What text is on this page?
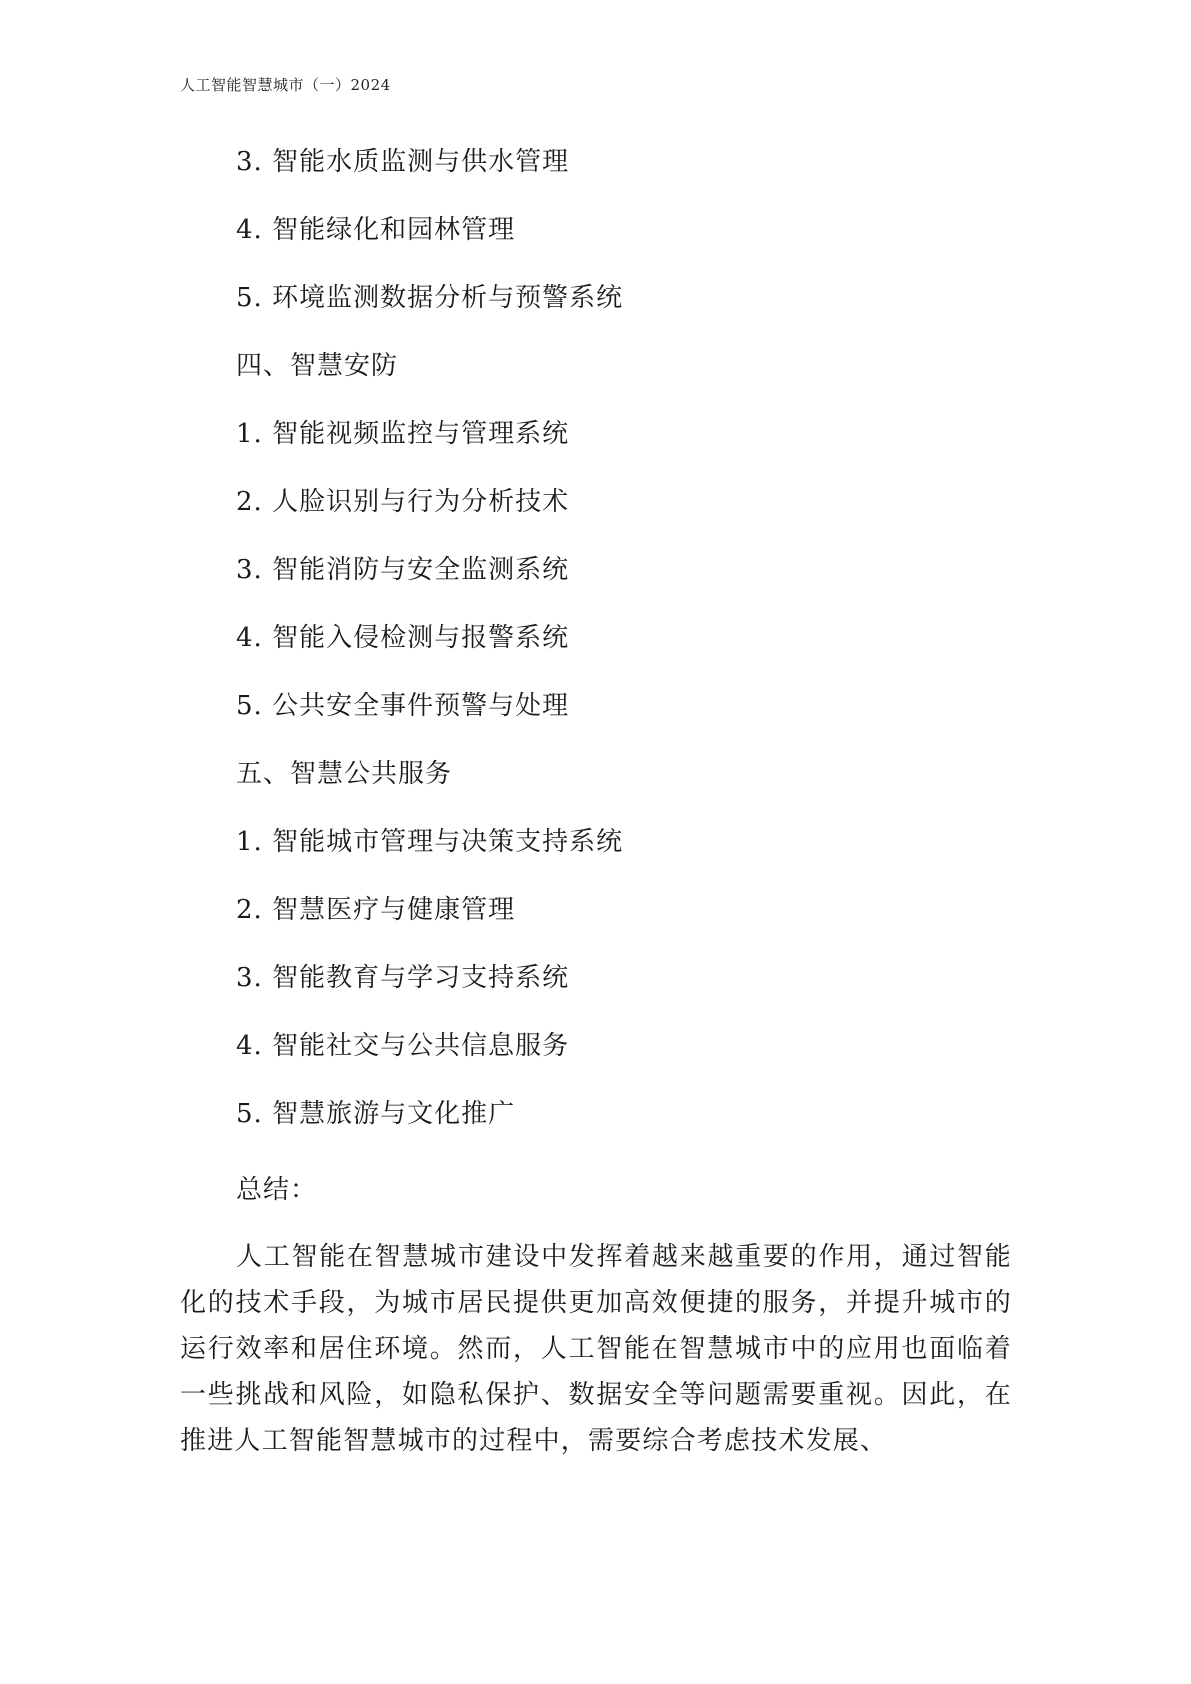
人工智能智慧城市（一）2024
3. 智能水质监测与供水管理
4. 智能绿化和园林管理
5. 环境监测数据分析与预警系统
四、智慧安防
1. 智能视频监控与管理系统
2. 人脸识别与行为分析技术
3. 智能消防与安全监测系统
4. 智能入侵检测与报警系统
5. 公共安全事件预警与处理
五、智慧公共服务
1. 智能城市管理与决策支持系统
2. 智慧医疗与健康管理
3. 智能教育与学习支持系统
4. 智能社交与公共信息服务
5. 智慧旅游与文化推广
总结：

人工智能在智慧城市建设中发挥着越来越重要的作用，通过智能化的技术手段，为城市居民提供更加高效便捷的服务，并提升城市的运行效率和居住环境。然而，人工智能在智慧城市中的应用也面临着一些挑战和风险，如隐私保护、数据安全等问题需要重视。因此，在推进人工智能智慧城市的过程中，需要综合考虑技术发展、
